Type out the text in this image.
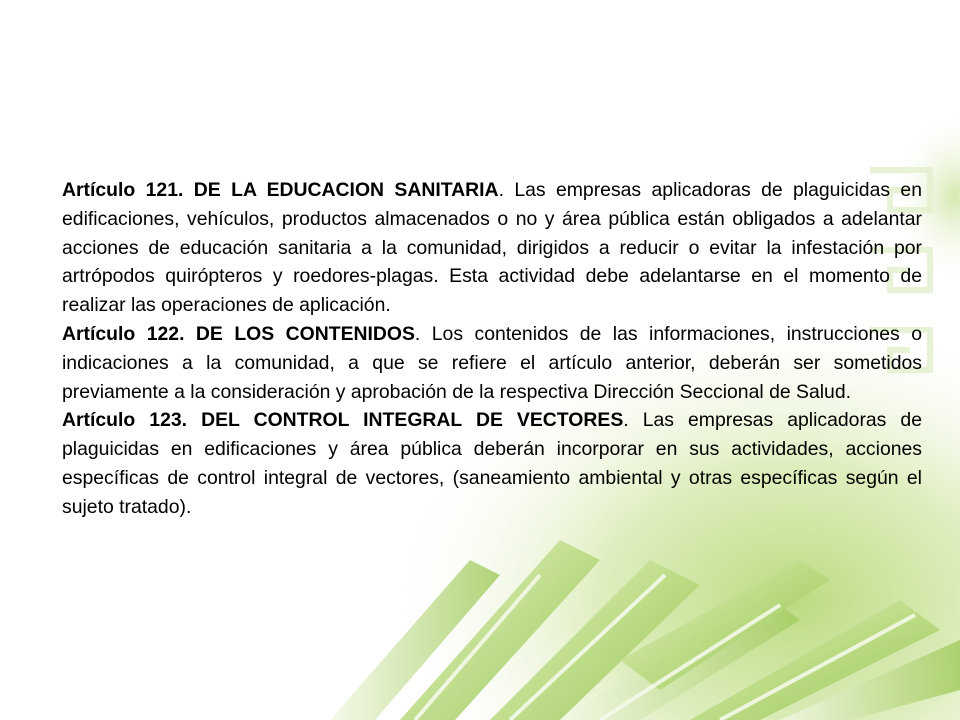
Artículo 121. DE LA EDUCACION SANITARIA. Las empresas aplicadoras de plaguicidas en edificaciones, vehículos, productos almacenados o no y área pública están obligados a adelantar acciones de educación sanitaria a la comunidad, dirigidos a reducir o evitar la infestación por artrópodos quirópteros y roedores-plagas. Esta actividad debe adelantarse en el momento de realizar las operaciones de aplicación.

Artículo 122. DE LOS CONTENIDOS. Los contenidos de las informaciones, instrucciones o indicaciones a la comunidad, a que se refiere el artículo anterior, deberán ser sometidos previamente a la consideración y aprobación de la respectiva Dirección Seccional de Salud.

Artículo 123. DEL CONTROL INTEGRAL DE VECTORES. Las empresas aplicadoras de plaguicidas en edificaciones y área pública deberán incorporar en sus actividades, acciones específicas de control integral de vectores, (saneamiento ambiental y otras específicas según el sujeto tratado).
